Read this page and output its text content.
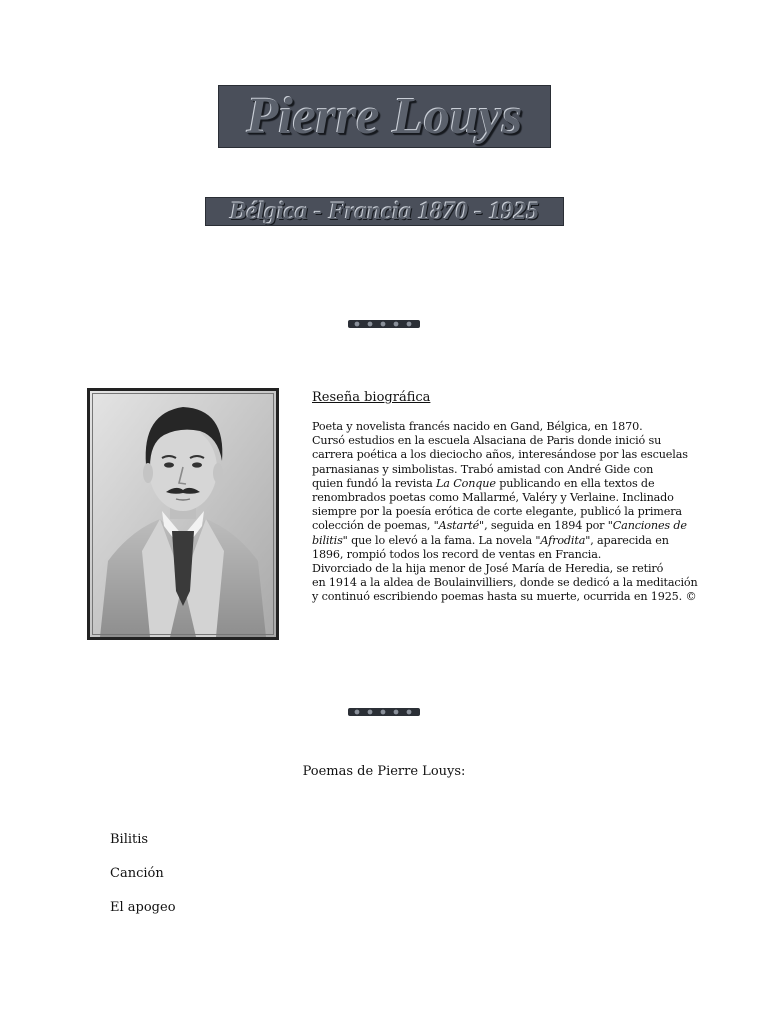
Pierre Louys
Bélgica - Francia 1870 - 1925
Reseña biográfica

Poeta y novelista francés nacido en Gand, Bélgica, en 1870.
Cursó estudios en la escuela Alsaciana de Paris donde inició su
carrera poética a los dieciocho años, interesándose por las escuelas
parnasianas y simbolistas. Trabó amistad con André Gide con
quien fundó la revista La Conque publicando en ella textos de
renombrados poetas como Mallarmé, Valéry y Verlaine. Inclinado
siempre por la poesía erótica de corte elegante, publicó la primera
colección de poemas, "Astarté", seguida en 1894 por "Canciones de
bilitis" que lo elevó a la fama. La novela "Afrodita", aparecida en
1896, rompió todos los record de ventas en Francia.
Divorciado de la hija menor de José María de Heredia, se retiró
en 1914 a la aldea de Boulainvilliers, donde se dedicó a la meditación
y continuó escribiendo poemas hasta su muerte, ocurrida en 1925. ©

Poemas de Pierre Louys:
Bilitis
Canción
El apogeo
